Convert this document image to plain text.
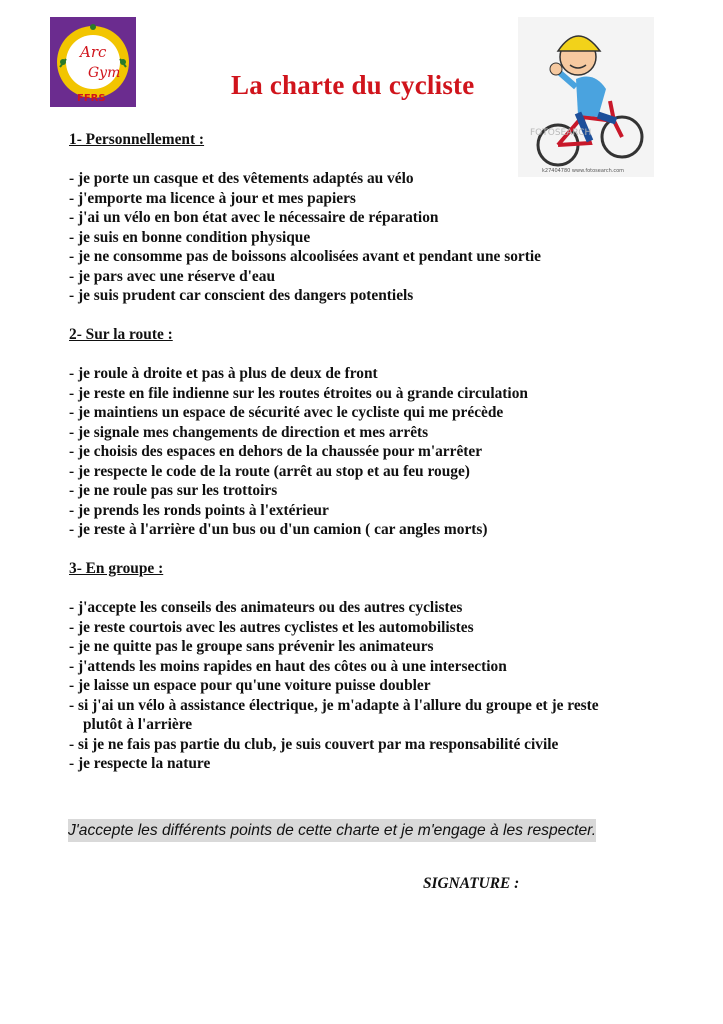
Arc
Gym
FFRS
FOTOSEARCH
k27404780 www.fotosearch.com
La charte du cycliste
1- Personnellement :
- je porte un casque et des vêtements adaptés au vélo
- j'emporte ma licence à jour et mes papiers
- j'ai un vélo en bon état avec le nécessaire de réparation
- je suis en bonne condition physique
- je ne consomme pas de boissons alcoolisées avant et pendant une sortie
- je pars avec une réserve d'eau
- je suis prudent car conscient des dangers potentiels
2- Sur la route :
- je roule à droite et pas à plus de deux de front
- je reste en file indienne sur les routes étroites ou à grande circulation
- je maintiens un espace de sécurité avec le cycliste qui me précède
- je signale mes changements de direction et mes arrêts
- je choisis des espaces en dehors de la chaussée pour m'arrêter
- je respecte le code de la route (arrêt au stop et au feu rouge)
- je ne roule pas sur les trottoirs
- je prends les ronds points à l'extérieur
- je reste à l'arrière d'un bus ou d'un camion ( car angles morts)
3- En groupe :
- j'accepte les conseils des animateurs ou des autres cyclistes
- je reste courtois avec les autres cyclistes et les automobilistes
- je ne quitte pas le groupe sans prévenir les animateurs
- j'attends les moins rapides en haut des côtes ou à une intersection
- je laisse un espace pour qu'une voiture puisse doubler
- si j'ai un vélo à assistance électrique, je m'adapte à l'allure du groupe et je reste
plutôt à l'arrière
- si je ne fais pas partie du club, je suis couvert par ma responsabilité civile
- je respecte la nature

J'accepte les différents points de cette charte et je m'engage à les respecter.

SIGNATURE :
